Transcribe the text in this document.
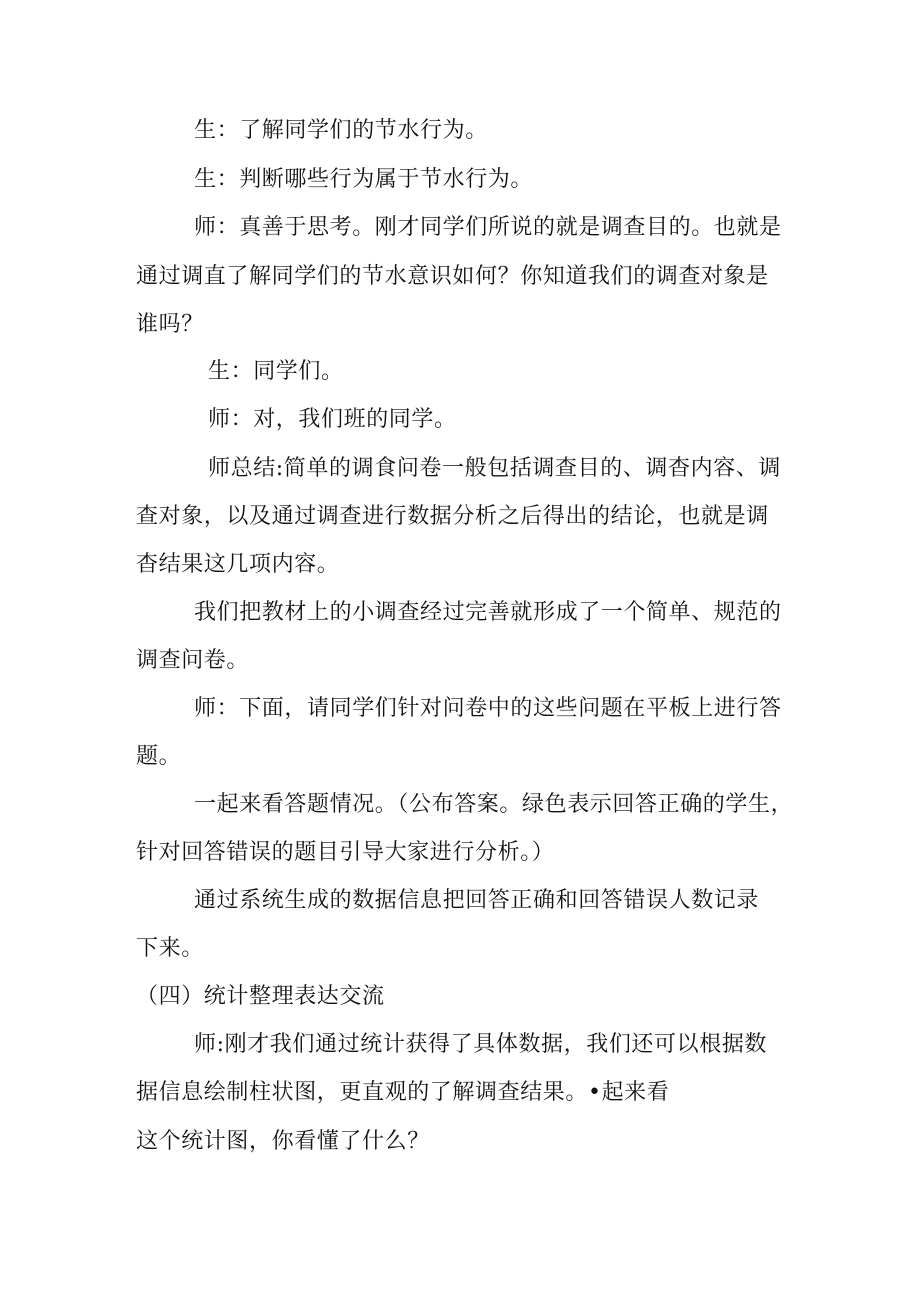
生：了解同学们的节水行为。
生：判断哪些行为属于节水行为。
师：真善于思考。刚才同学们所说的就是调查目的。也就是
通过调直了解同学们的节水意识如何？你知道我们的调查对象是
谁吗？
生：同学们。
师：对，我们班的同学。
师总结:简单的调食问卷一般包括调查目的、调杳内容、调
查对象，以及通过调查进行数据分析之后得出的结论，也就是调
杳结果这几项内容。
我们把教材上的小调查经过完善就形成了一个简单、规范的
调查问卷。
师：下面，请同学们针对问卷中的这些问题在平板上进行答
题。
一起来看答题情况。（公布答案。绿色表示回答正确的学生，
针对回答错误的题目引导大家进行分析。）
通过系统生成的数据信息把回答正确和回答错误人数记录
下来。
（四）统计整理表达交流
师:刚才我们通过统计获得了具体数据，我们还可以根据数
据信息绘制柱状图，更直观的了解调查结果。•起来看
这个统计图，你看懂了什么？
